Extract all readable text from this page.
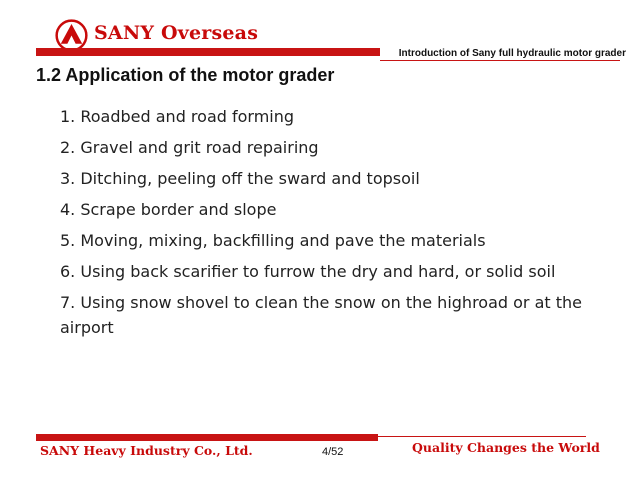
SANY Overseas
Introduction of Sany full hydraulic motor grader
1.2 Application of the motor grader
1. Roadbed and road forming
2. Gravel and grit road repairing
3. Ditching, peeling off the sward and topsoil
4. Scrape border and slope
5. Moving, mixing, backfilling and pave the materials
6. Using back scarifier to furrow the dry and hard, or solid soil
7. Using snow shovel to clean the snow on the highroad or at the airport
SANY Heavy Industry Co., Ltd.	4/52	Quality Changes the World
